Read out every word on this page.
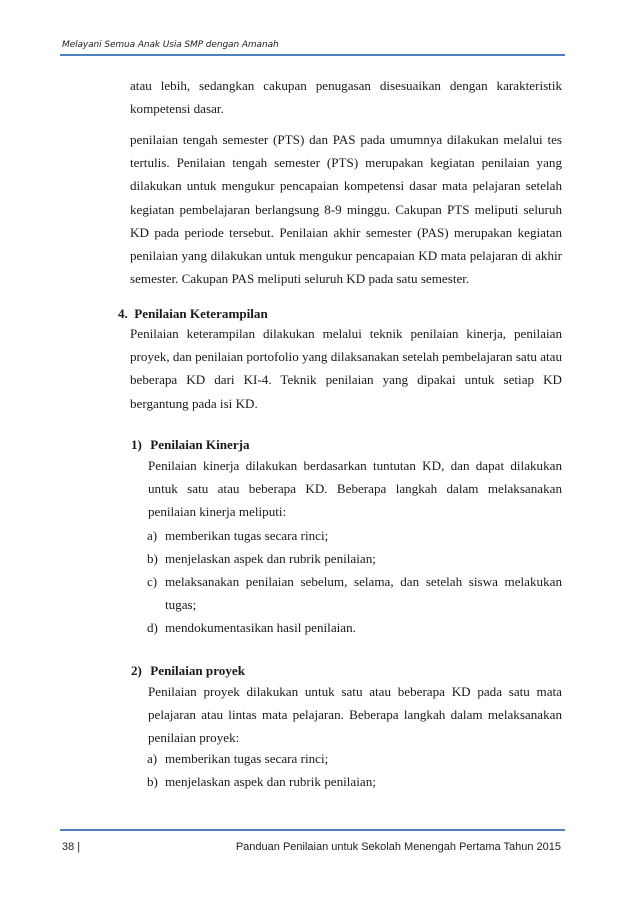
Melayani Semua Anak Usia SMP dengan Amanah

atau lebih, sedangkan cakupan penugasan disesuaikan dengan karakteristik kompetensi dasar.

penilaian tengah semester (PTS) dan PAS pada umumnya dilakukan melalui tes tertulis. Penilaian tengah semester (PTS) merupakan kegiatan penilaian yang dilakukan untuk mengukur pencapaian kompetensi dasar mata pelajaran setelah kegiatan pembelajaran berlangsung 8-9 minggu. Cakupan PTS meliputi seluruh KD pada periode tersebut. Penilaian akhir semester (PAS) merupakan kegiatan penilaian yang dilakukan untuk mengukur pencapaian KD mata pelajaran di akhir semester. Cakupan PAS meliputi seluruh KD pada satu semester.

4. Penilaian Keterampilan

Penilaian keterampilan dilakukan melalui teknik penilaian kinerja, penilaian proyek, dan penilaian portofolio yang dilaksanakan setelah pembelajaran satu atau beberapa KD dari KI-4. Teknik penilaian yang dipakai untuk setiap KD bergantung pada isi KD.

1) Penilaian Kinerja

Penilaian kinerja dilakukan berdasarkan tuntutan KD, dan dapat dilakukan untuk satu atau beberapa KD. Beberapa langkah dalam melaksanakan penilaian kinerja meliputi:

a) memberikan tugas secara rinci;
b) menjelaskan aspek dan rubrik penilaian;
c) melaksanakan penilaian sebelum, selama, dan setelah siswa melakukan tugas;
d) mendokumentasikan hasil penilaian.
2) Penilaian proyek

Penilaian proyek dilakukan untuk satu atau beberapa KD pada satu mata pelajaran atau lintas mata pelajaran. Beberapa langkah dalam melaksanakan penilaian proyek:

a) memberikan tugas secara rinci;
b) menjelaskan aspek dan rubrik penilaian;
38 |	Panduan Penilaian untuk Sekolah Menengah Pertama Tahun 2015
